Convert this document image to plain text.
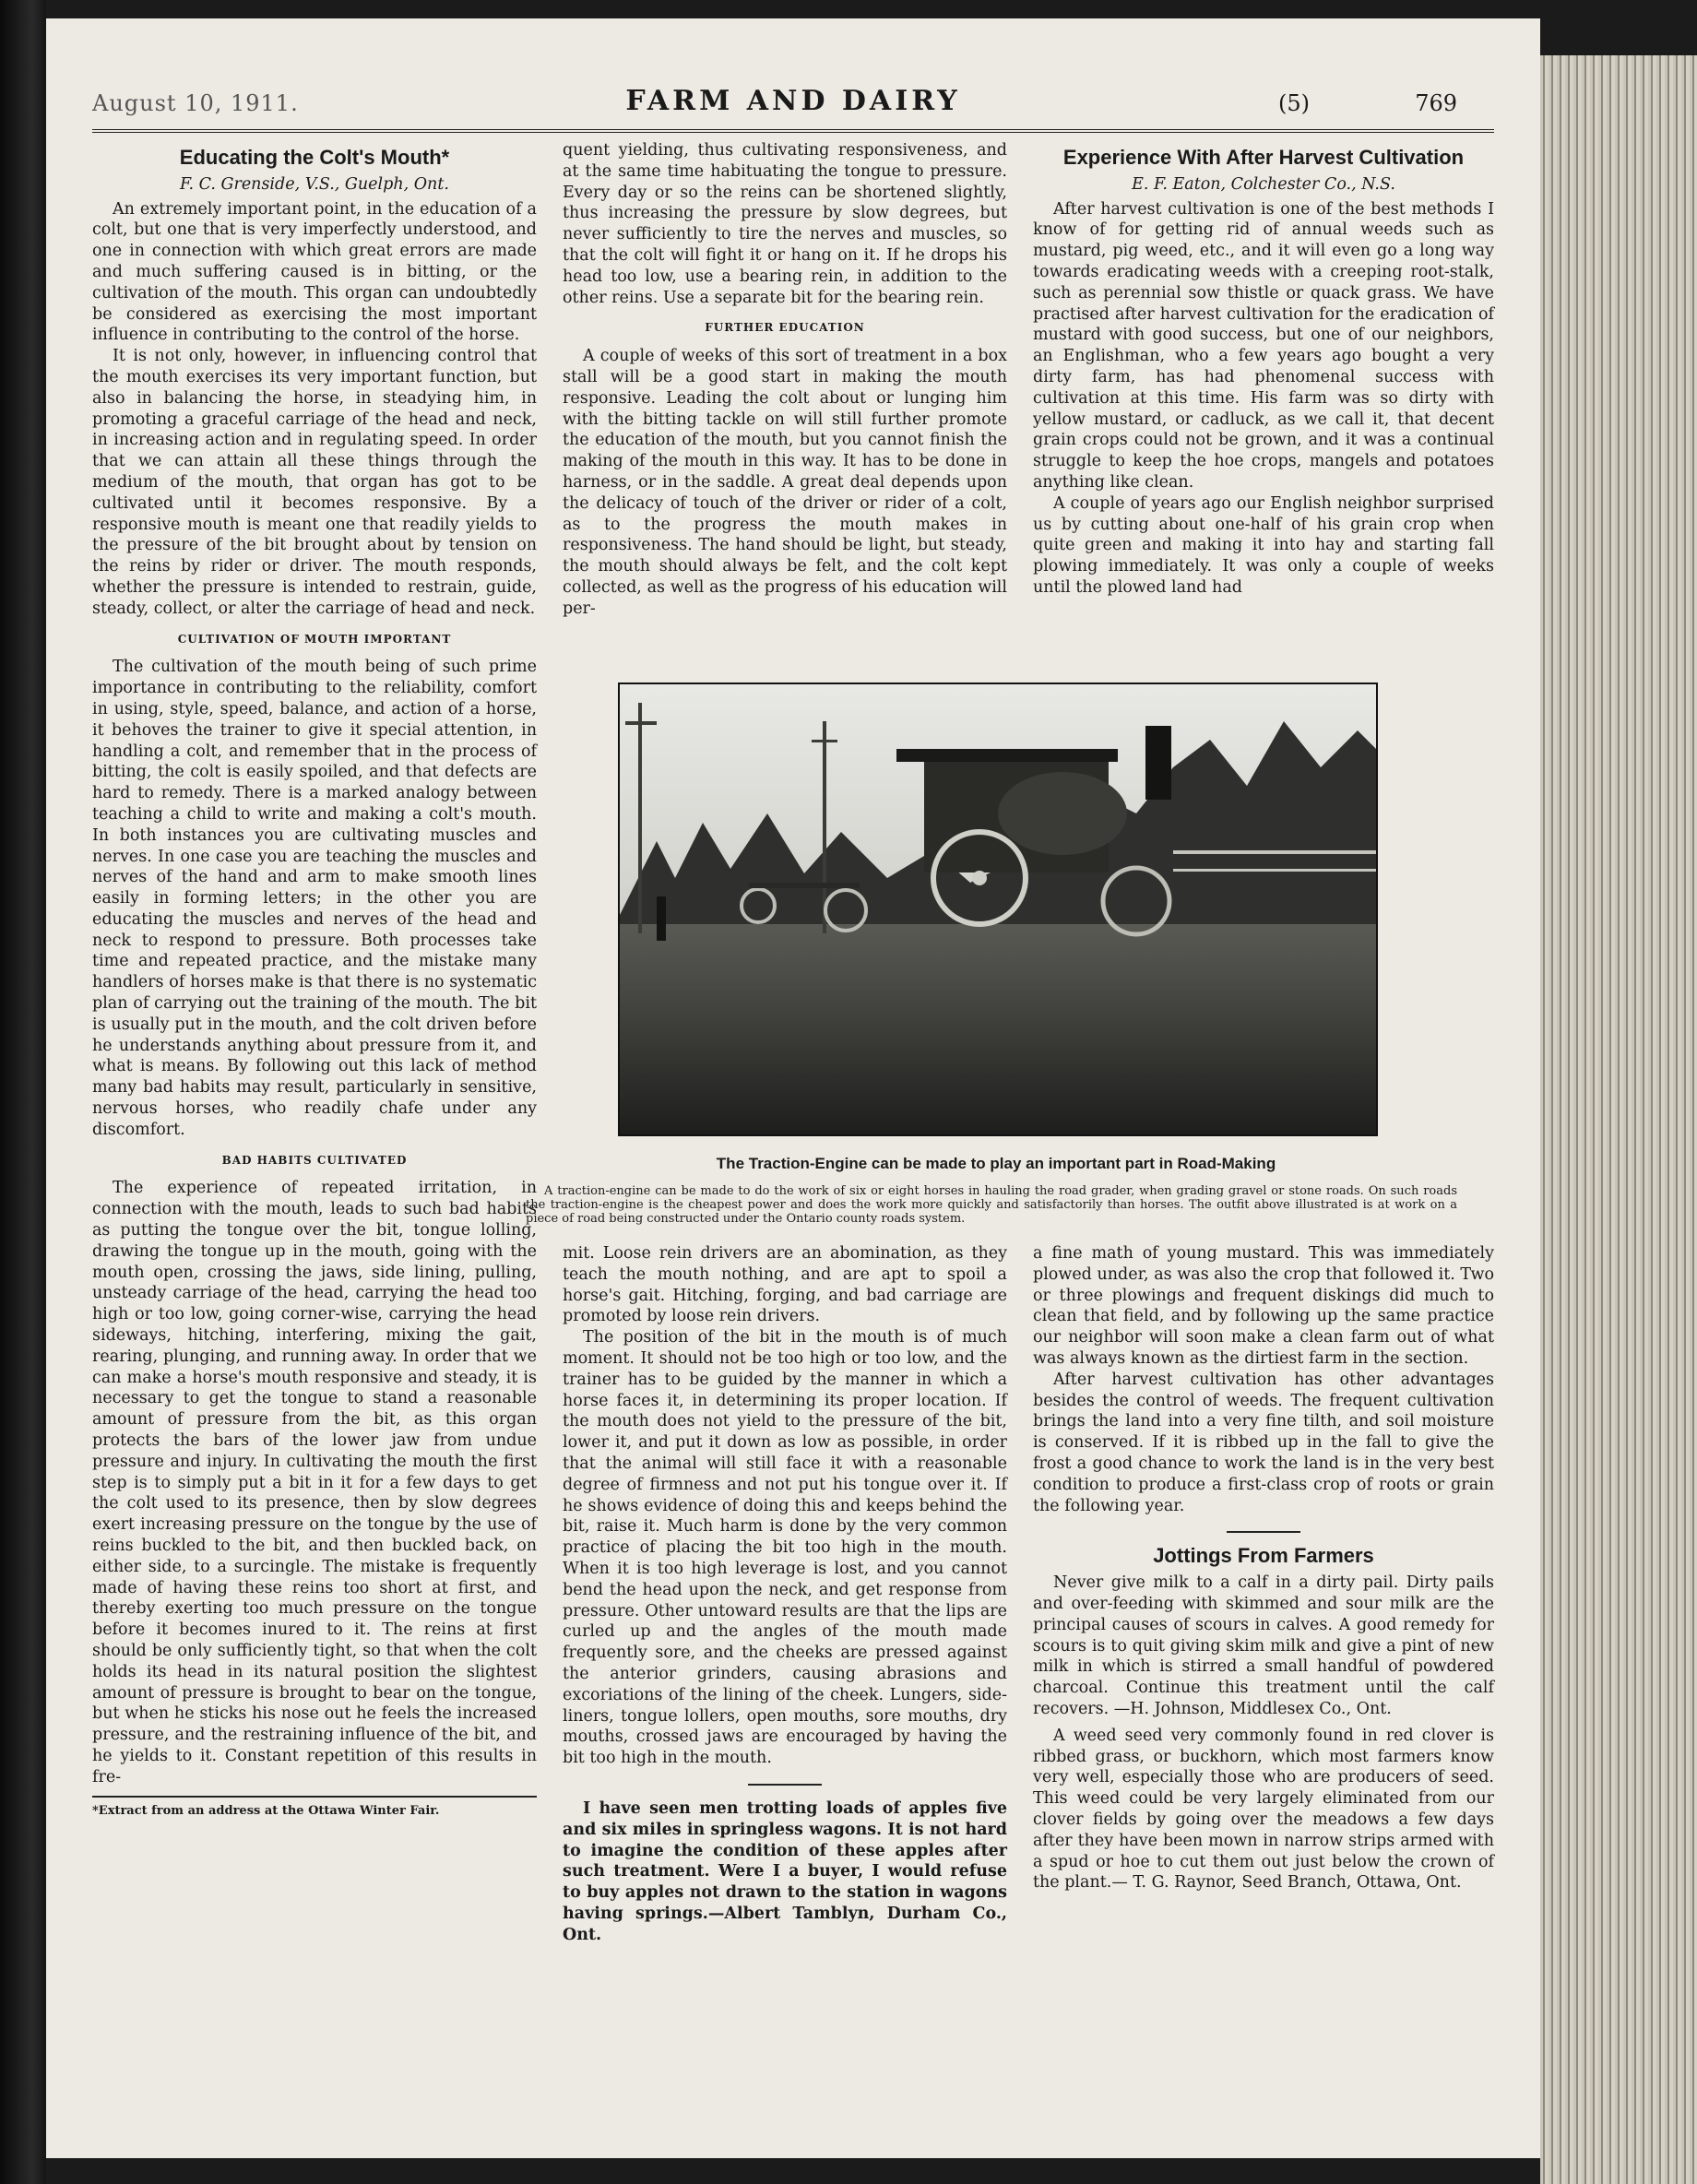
August 10, 1911.	FARM AND DAIRY	(5)	769
Educating the Colt's Mouth*

F. C. Grenside, V.S., Guelph, Ont.

An extremely important point, in the education of a colt, but one that is very imperfectly understood, and one in connection with which great errors are made and much suffering caused is in bitting, or the cultivation of the mouth. This organ can undoubtedly be considered as exercising the most important influence in contributing to the control of the horse.

It is not only, however, in influencing control that the mouth exercises its very important function, but also in balancing the horse, in steadying him, in promoting a graceful carriage of the head and neck, in increasing action and in regulating speed. In order that we can attain all these things through the medium of the mouth, that organ has got to be cultivated until it becomes responsive. By a responsive mouth is meant one that readily yields to the pressure of the bit brought about by tension on the reins by rider or driver. The mouth responds, whether the pressure is intended to restrain, guide, steady, collect, or alter the carriage of head and neck.

CULTIVATION OF MOUTH IMPORTANT

The cultivation of the mouth being of such prime importance in contributing to the reliability, comfort in using, style, speed, balance, and action of a horse, it behoves the trainer to give it special attention, in handling a colt, and remember that in the process of bitting, the colt is easily spoiled, and that defects are hard to remedy. There is a marked analogy between teaching a child to write and making a colt's mouth. In both instances you are cultivating muscles and nerves. In one case you are teaching the muscles and nerves of the hand and arm to make smooth lines easily in forming letters; in the other you are educating the muscles and nerves of the head and neck to respond to pressure. Both processes take time and repeated practice, and the mistake many handlers of horses make is that there is no systematic plan of carrying out the training of the mouth. The bit is usually put in the mouth, and the colt driven before he understands anything about pressure from it, and what is means. By following out this lack of method many bad habits may result, particularly in sensitive, nervous horses, who readily chafe under any discomfort.

BAD HABITS CULTIVATED

The experience of repeated irritation, in connection with the mouth, leads to such bad habits as putting the tongue over the bit, tongue lolling, drawing the tongue up in the mouth, going with the mouth open, crossing the jaws, side lining, pulling, unsteady carriage of the head, carrying the head too high or too low, going corner-wise, carrying the head sideways, hitching, interfering, mixing the gait, rearing, plunging, and running away. In order that we can make a horse's mouth responsive and steady, it is necessary to get the tongue to stand a reasonable amount of pressure from the bit, as this organ protects the bars of the lower jaw from undue pressure and injury. In cultivating the mouth the first step is to simply put a bit in it for a few days to get the colt used to its presence, then by slow degrees exert increasing pressure on the tongue by the use of reins buckled to the bit, and then buckled back, on either side, to a surcingle. The mistake is frequently made of having these reins too short at first, and thereby exerting too much pressure on the tongue before it becomes inured to it. The reins at first should be only sufficiently tight, so that when the colt holds its head in its natural position the slightest amount of pressure is brought to bear on the tongue, but when he sticks his nose out he feels the increased pressure, and the restraining influence of the bit, and he yields to it. Constant repetition of this results in fre-

*Extract from an address at the Ottawa Winter Fair.

quent yielding, thus cultivating responsiveness, and at the same time habituating the tongue to pressure. Every day or so the reins can be shortened slightly, thus increasing the pressure by slow degrees, but never sufficiently to tire the nerves and muscles, so that the colt will fight it or hang on it. If he drops his head too low, use a bearing rein, in addition to the other reins. Use a separate bit for the bearing rein.

FURTHER EDUCATION

A couple of weeks of this sort of treatment in a box stall will be a good start in making the mouth responsive. Leading the colt about or lunging him with the bitting tackle on will still further promote the education of the mouth, but you cannot finish the making of the mouth in this way. It has to be done in harness, or in the saddle. A great deal depends upon the delicacy of touch of the driver or rider of a colt, as to the progress the mouth makes in responsiveness. The hand should be light, but steady, the mouth should always be felt, and the colt kept collected, as well as the progress of his education will per-

Experience With After Harvest Cultivation

E. F. Eaton, Colchester Co., N.S.

After harvest cultivation is one of the best methods I know of for getting rid of annual weeds such as mustard, pig weed, etc., and it will even go a long way towards eradicating weeds with a creeping root-stalk, such as perennial sow thistle or quack grass. We have practised after harvest cultivation for the eradication of mustard with good success, but one of our neighbors, an Englishman, who a few years ago bought a very dirty farm, has had phenomenal success with cultivation at this time. His farm was so dirty with yellow mustard, or cadluck, as we call it, that decent grain crops could not be grown, and it was a continual struggle to keep the hoe crops, mangels and potatoes anything like clean.

A couple of years ago our English neighbor surprised us by cutting about one-half of his grain crop when quite green and making it into hay and starting fall plowing immediately. It was only a couple of weeks until the plowed land had

The Traction-Engine can be made to play an important part in Road-Making
A traction-engine can be made to do the work of six or eight horses in hauling the road grader, when grading gravel or stone roads. On such roads the traction-engine is the cheapest power and does the work more quickly and satisfactorily than horses. The outfit above illustrated is at work on a piece of road being constructed under the Ontario county roads system.

mit. Loose rein drivers are an abomination, as they teach the mouth nothing, and are apt to spoil a horse's gait. Hitching, forging, and bad carriage are promoted by loose rein drivers.

The position of the bit in the mouth is of much moment. It should not be too high or too low, and the trainer has to be guided by the manner in which a horse faces it, in determining its proper location. If the mouth does not yield to the pressure of the bit, lower it, and put it down as low as possible, in order that the animal will still face it with a reasonable degree of firmness and not put his tongue over it. If he shows evidence of doing this and keeps behind the bit, raise it. Much harm is done by the very common practice of placing the bit too high in the mouth. When it is too high leverage is lost, and you cannot bend the head upon the neck, and get response from pressure. Other untoward results are that the lips are curled up and the angles of the mouth made frequently sore, and the cheeks are pressed against the anterior grinders, causing abrasions and excoriations of the lining of the cheek. Lungers, side-liners, tongue lollers, open mouths, sore mouths, dry mouths, crossed jaws are encouraged by having the bit too high in the mouth.

I have seen men trotting loads of apples five and six miles in springless wagons. It is not hard to imagine the condition of these apples after such treatment. Were I a buyer, I would refuse to buy apples not drawn to the station in wagons having springs.—Albert Tamblyn, Durham Co., Ont.

a fine math of young mustard. This was immediately plowed under, as was also the crop that followed it. Two or three plowings and frequent diskings did much to clean that field, and by following up the same practice our neighbor will soon make a clean farm out of what was always known as the dirtiest farm in the section.

After harvest cultivation has other advantages besides the control of weeds. The frequent cultivation brings the land into a very fine tilth, and soil moisture is conserved. If it is ribbed up in the fall to give the frost a good chance to work the land is in the very best condition to produce a first-class crop of roots or grain the following year.

Jottings From Farmers

Never give milk to a calf in a dirty pail. Dirty pails and over-feeding with skimmed and sour milk are the principal causes of scours in calves. A good remedy for scours is to quit giving skim milk and give a pint of new milk in which is stirred a small handful of powdered charcoal. Continue this treatment until the calf recovers. —H. Johnson, Middlesex Co., Ont.

A weed seed very commonly found in red clover is ribbed grass, or buckhorn, which most farmers know very well, especially those who are producers of seed. This weed could be very largely eliminated from our clover fields by going over the meadows a few days after they have been mown in narrow strips armed with a spud or hoe to cut them out just below the crown of the plant.— T. G. Raynor, Seed Branch, Ottawa, Ont.
